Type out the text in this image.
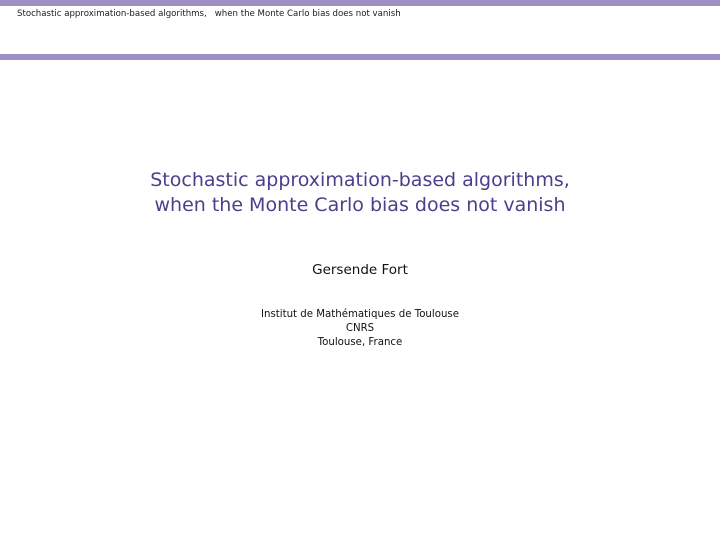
Stochastic approximation-based algorithms, when the Monte Carlo bias does not vanish
Stochastic approximation-based algorithms,
when the Monte Carlo bias does not vanish
Gersende Fort
Institut de Mathématiques de Toulouse
CNRS
Toulouse, France
